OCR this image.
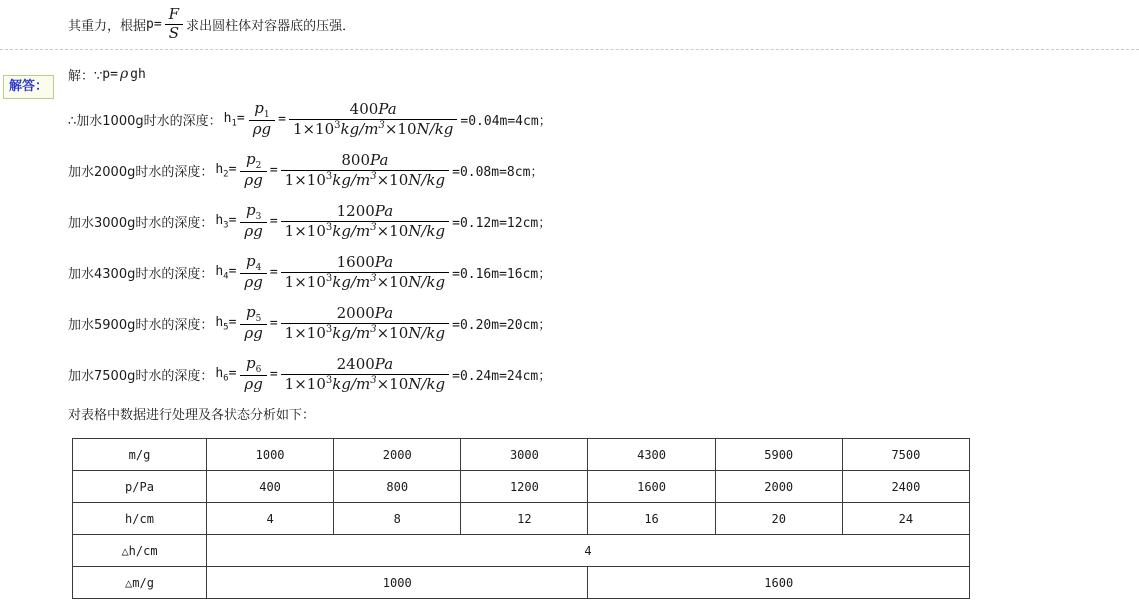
其重力，根据 $p= \frac{F}{S}$ 求出圆柱体对容器底的压强．
解答：
解：∵ p= ρ gh
∴加水1000g时水的深度： $h_1= \frac{p_1}{\rho g} = \frac{400Pa}{1\times 10^3kg/m^3\times 10N/kg} =0.04m=4cm$；
加水2000g时水的深度： $h_2= \frac{p_2}{\rho g} = \frac{800Pa}{1\times 10^3kg/m^3\times 10N/kg} =0.08m=8cm$；
加水3000g时水的深度： $h_3= \frac{p_3}{\rho g} = \frac{1200Pa}{1\times 10^3kg/m^3\times 10N/kg} =0.12m=12cm$；
加水4300g时水的深度： $h_4= \frac{p_4}{\rho g} = \frac{1600Pa}{1\times 10^3kg/m^3\times 10N/kg} =0.16m=16cm$；
加水5900g时水的深度： $h_5= \frac{p_5}{\rho g} = \frac{2000Pa}{1\times 10^3kg/m^3\times 10N/kg} =0.20m=20cm$；
加水7500g时水的深度： $h_6= \frac{p_6}{\rho g} = \frac{2400Pa}{1\times 10^3kg/m^3\times 10N/kg} =0.24m=24cm$；
对表格中数据进行处理及各状态分析如下：
m/g	1000	2000	3000	4300	5900	7500
p/Pa	400	800	1200	1600	2000	2400
h/cm	4	8	12	16	20	24
△h/cm	4					
△m/g	1000			1600		
